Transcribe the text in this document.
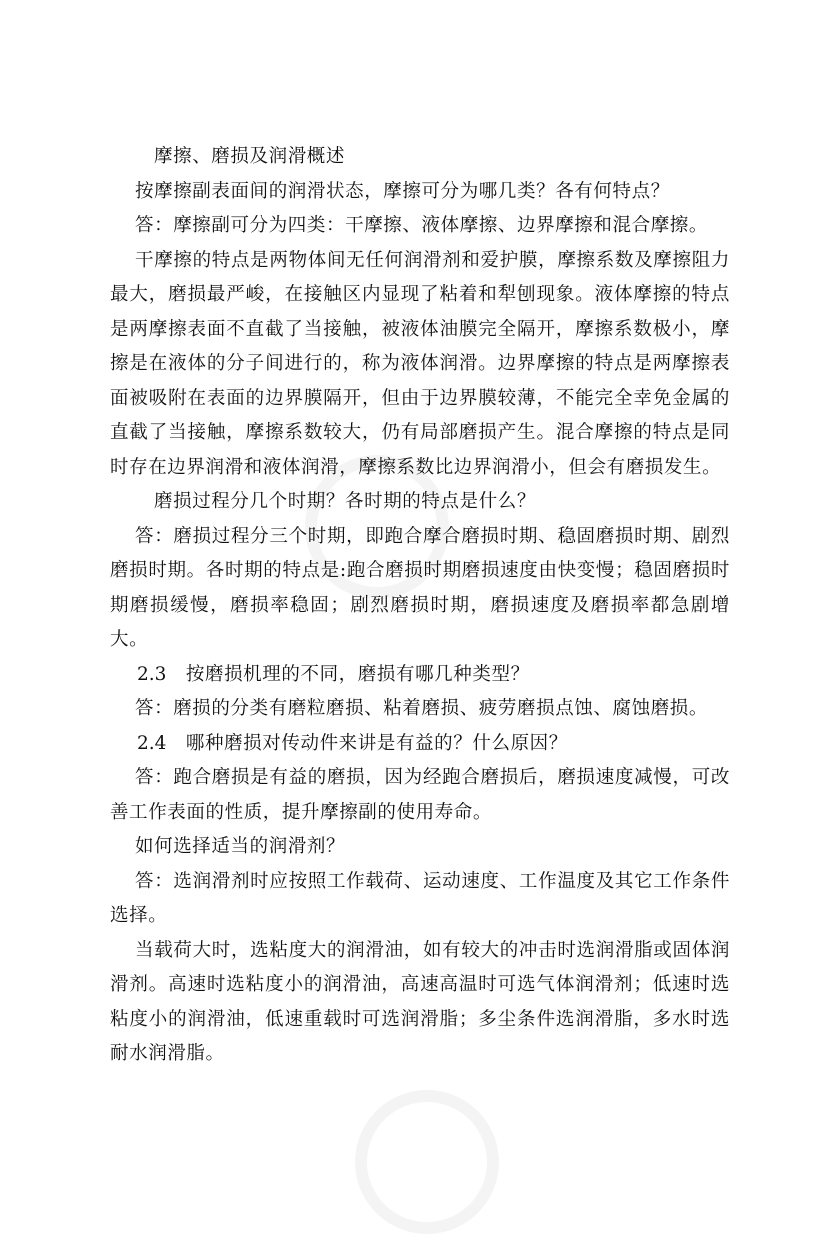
摩擦、磨损及润滑概述

按摩擦副表面间的润滑状态，摩擦可分为哪几类？各有何特点？

答：摩擦副可分为四类：干摩擦、液体摩擦、边界摩擦和混合摩擦。

干摩擦的特点是两物体间无任何润滑剂和爱护膜，摩擦系数及摩擦阻力最大，磨损最严峻，在接触区内显现了粘着和犁刨现象。液体摩擦的特点是两摩擦表面不直截了当接触，被液体油膜完全隔开，摩擦系数极小，摩擦是在液体的分子间进行的，称为液体润滑。边界摩擦的特点是两摩擦表面被吸附在表面的边界膜隔开，但由于边界膜较薄，不能完全幸免金属的直截了当接触，摩擦系数较大，仍有局部磨损产生。混合摩擦的特点是同时存在边界润滑和液体润滑，摩擦系数比边界润滑小，但会有磨损发生。

磨损过程分几个时期？各时期的特点是什么？

答：磨损过程分三个时期，即跑合摩合磨损时期、稳固磨损时期、剧烈磨损时期。各时期的特点是:跑合磨损时期磨损速度由快变慢；稳固磨损时期磨损缓慢，磨损率稳固；剧烈磨损时期，磨损速度及磨损率都急剧增大。

2.3 按磨损机理的不同，磨损有哪几种类型？

答：磨损的分类有磨粒磨损、粘着磨损、疲劳磨损点蚀、腐蚀磨损。

2.4 哪种磨损对传动件来讲是有益的？什么原因？

答：跑合磨损是有益的磨损，因为经跑合磨损后，磨损速度减慢，可改善工作表面的性质，提升摩擦副的使用寿命。

如何选择适当的润滑剂？

答：选润滑剂时应按照工作载荷、运动速度、工作温度及其它工作条件选择。

当载荷大时，选粘度大的润滑油，如有较大的冲击时选润滑脂或固体润滑剂。高速时选粘度小的润滑油，高速高温时可选气体润滑剂；低速时选粘度小的润滑油，低速重载时可选润滑脂；多尘条件选润滑脂，多水时选耐水润滑脂。
